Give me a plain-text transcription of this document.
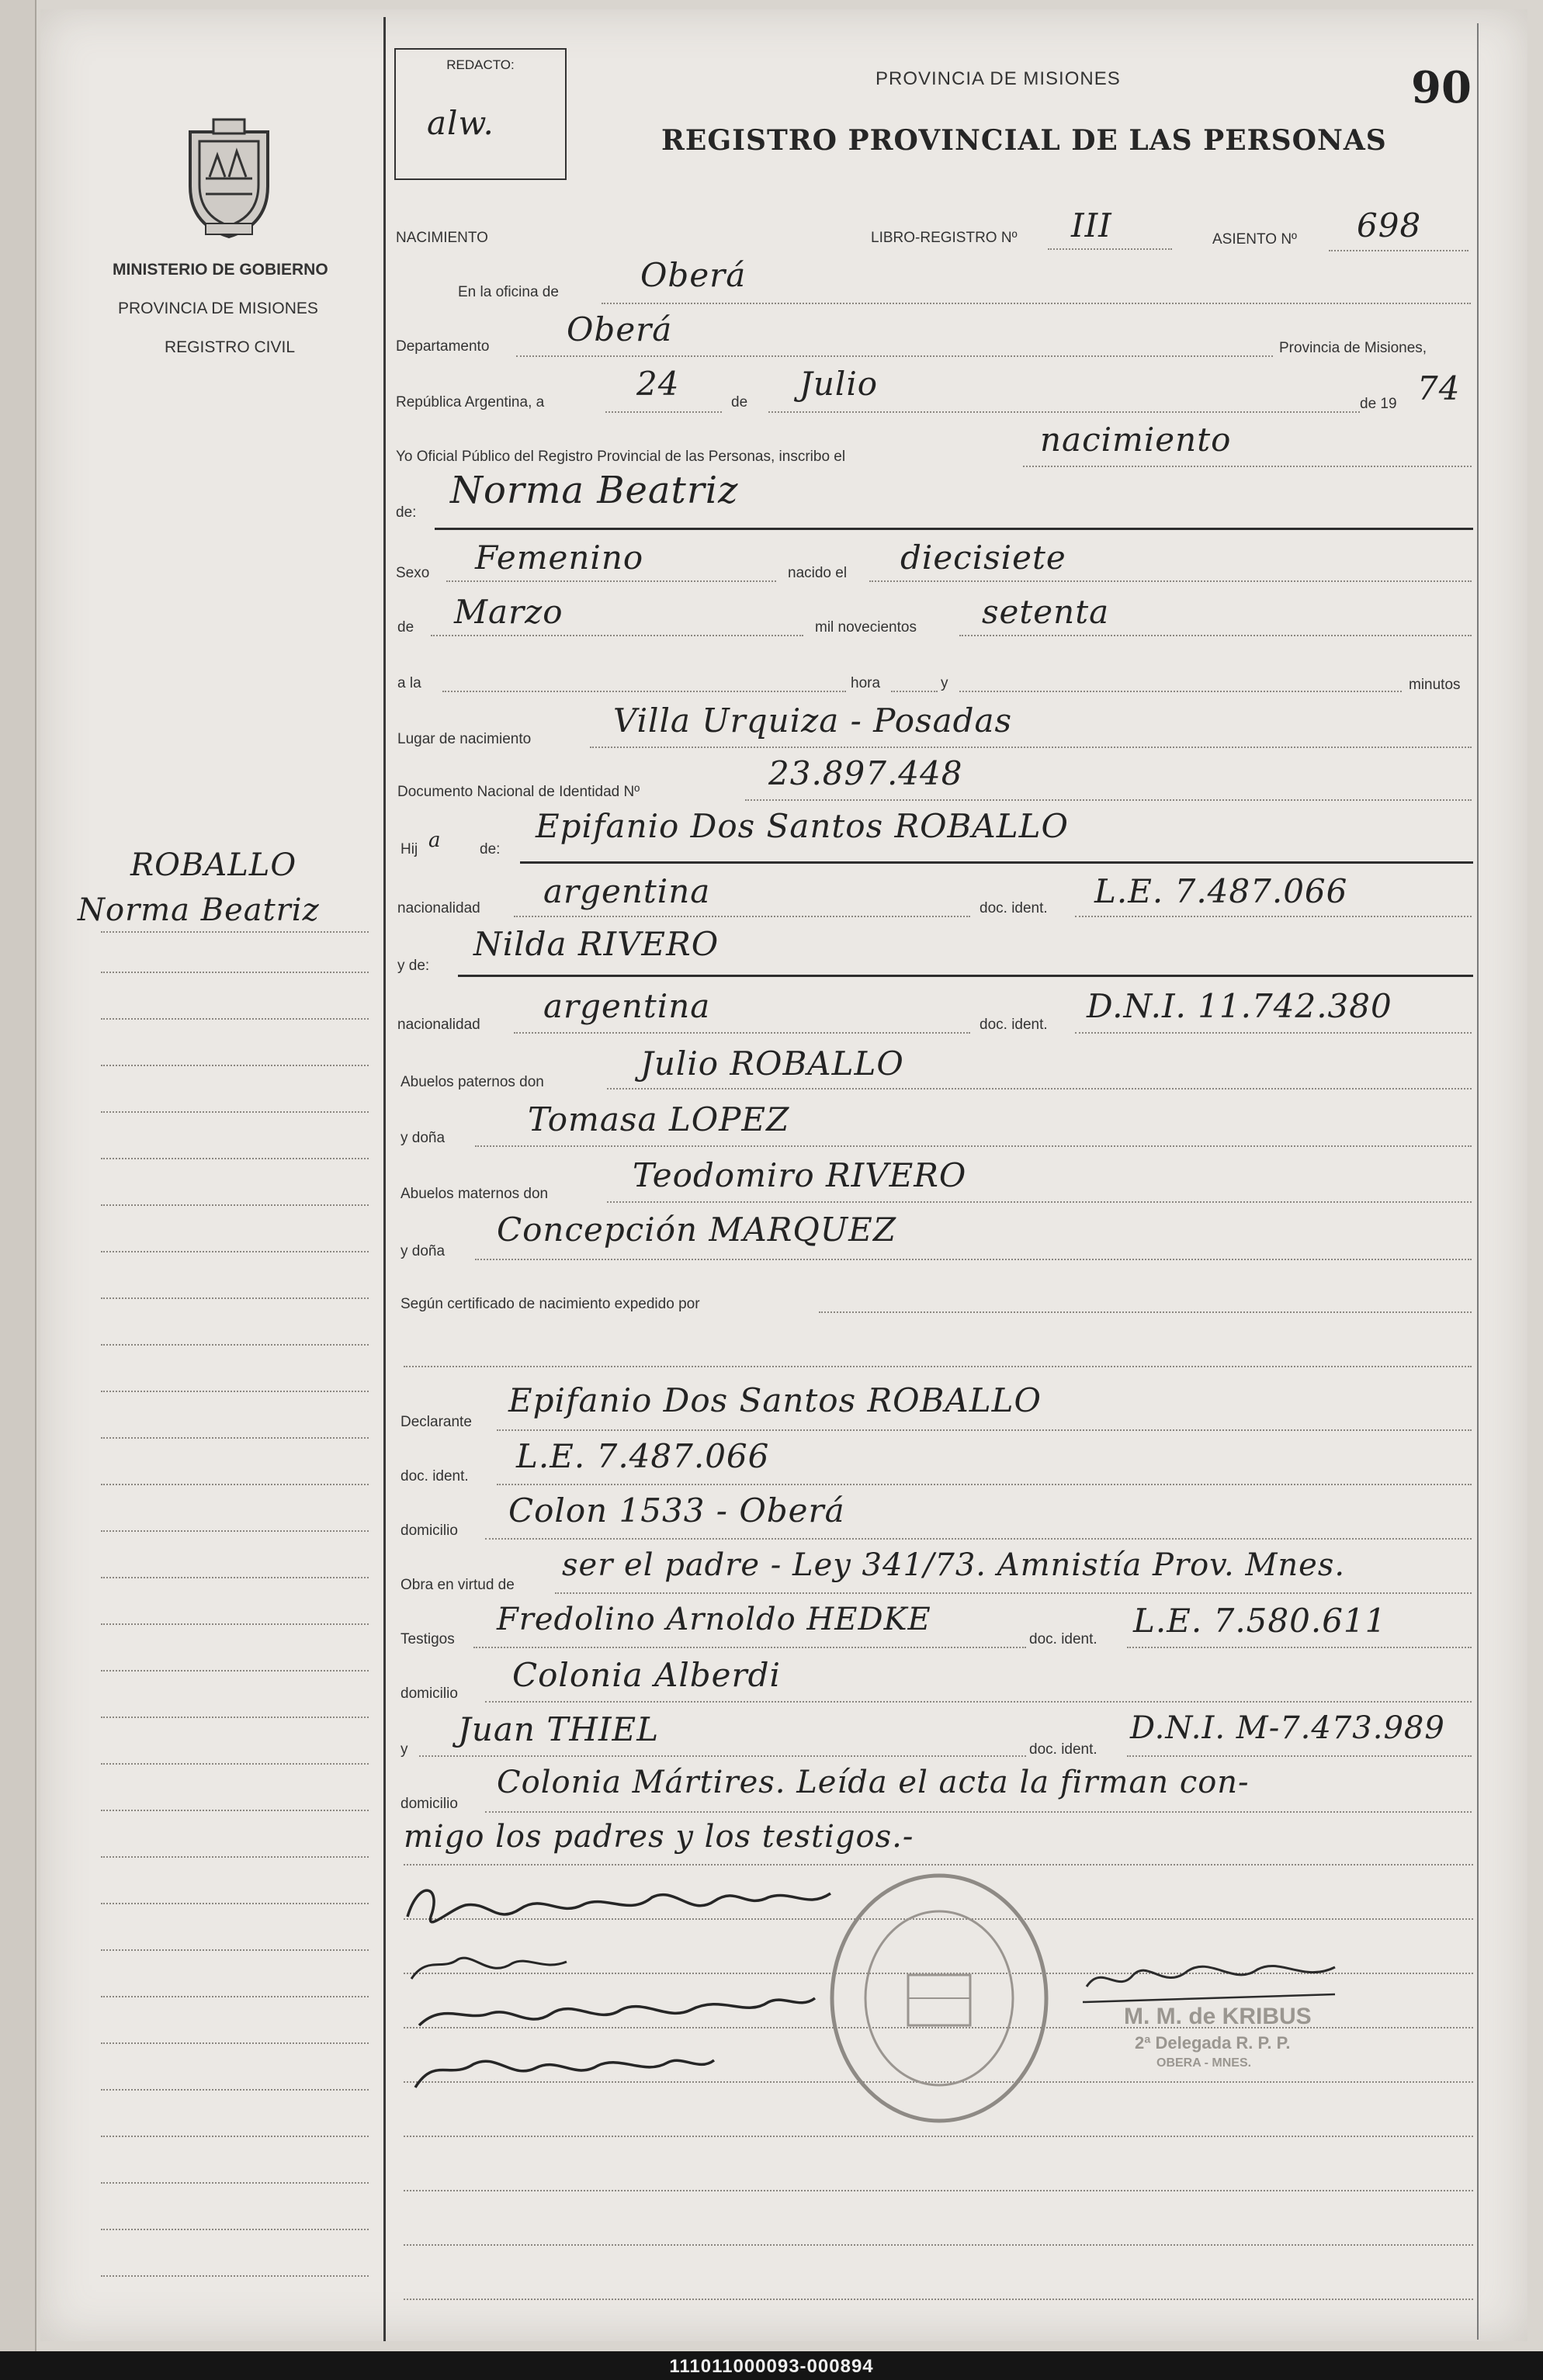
REDACTO:
alw.
PROVINCIA DE MISIONES	90
REGISTRO PROVINCIAL DE LAS PERSONAS
MINISTERIO DE GOBIERNO
PROVINCIA DE MISIONES
REGISTRO CIVIL
ROBALLO
Norma Beatriz
NACIMIENTO	LIBRO-REGISTRO Nº III	ASIENTO Nº 698
En la oficina de	Oberá
Departamento Oberá	Provincia de Misiones,
República Argentina, a	24	de Julio
de 19 74
Yo Oficial Público del Registro Provincial de las Personas, inscribo el	nacimiento
de:
Norma Beatriz
Sexo Femenino	nacido el diecisiete
de Marzo	mil novecientos setenta
a la	hora	y	minutos
Lugar de nacimiento	Villa Urquiza - Posadas
Documento Nacional de Identidad Nº	23.897.448
Hij a	de:
Epifanio Dos Santos ROBALLO
nacionalidad argentina	doc. ident. L.E. 7.487.066
y de:
Nilda RIVERO
nacionalidad argentina	doc. ident. D.N.I. 11.742.380
Abuelos paternos don	Julio ROBALLO
y doña	Tomasa LOPEZ
Abuelos maternos don	Teodomiro RIVERO
y doña
Concepción MARQUEZ
Según certificado de nacimiento expedido por
Declarante
Epifanio Dos Santos ROBALLO
doc. ident.
L.E. 7.487.066
domicilio
Colon 1533 - Oberá
Obra en virtud de
ser el padre - Ley 341/73. Amnistía Prov. Mnes.
Testigos
Fredolino Arnoldo HEDKE
doc. ident. L.E. 7.580.611
domicilio Colonia Alberdi
y
Juan THIEL
doc. ident.
D.N.I. M-7.473.989
domicilio
Colonia Mártires. Leída el acta la firman con-
migo los padres y los testigos.-
M. M. de KRIBUS
2ª Delegada R. P. P.
OBERA - MNES.
111011000093-000894
